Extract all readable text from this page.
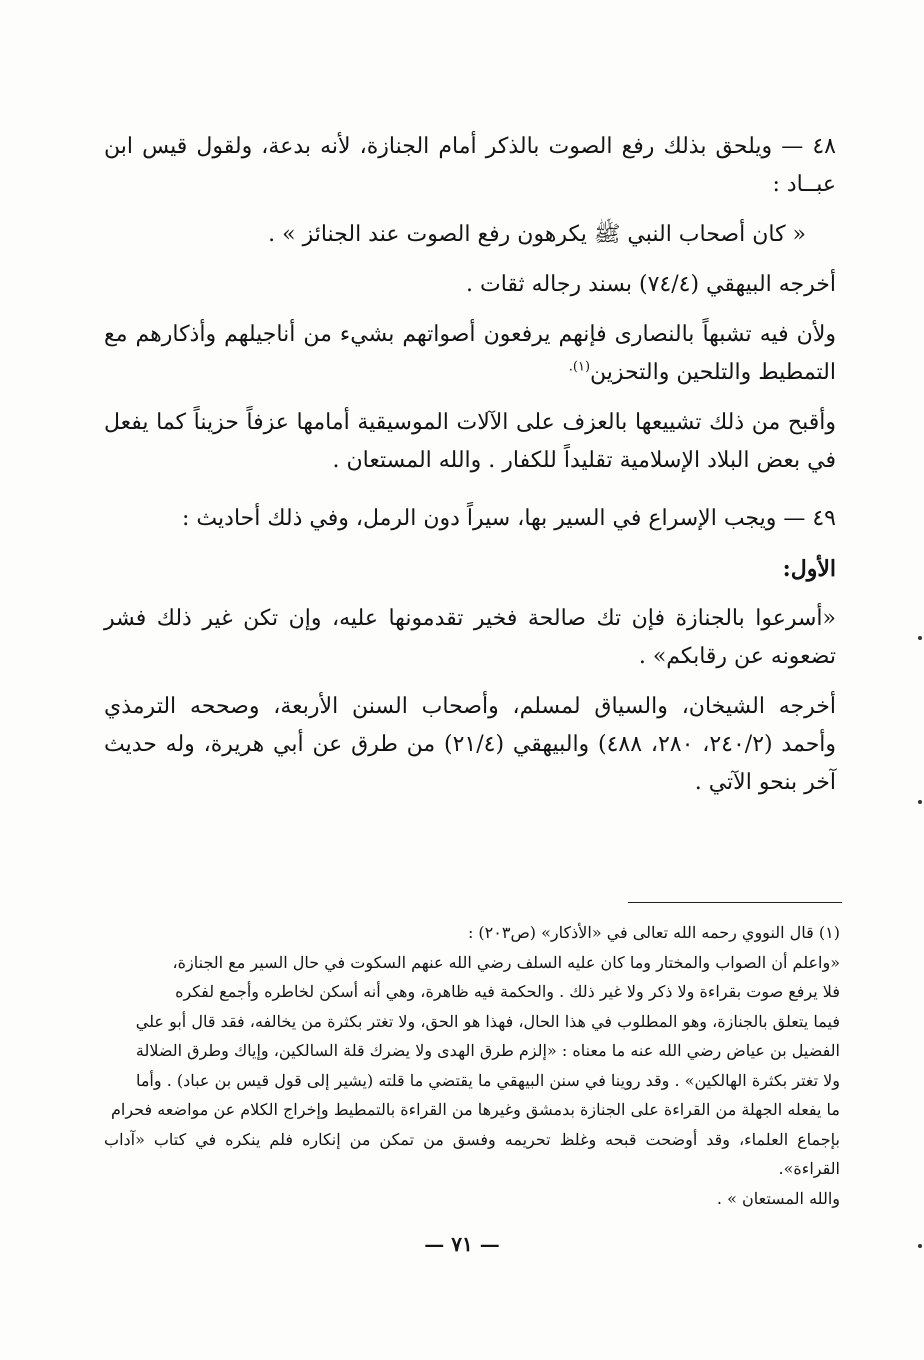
٤٨ — ويلحق بذلك رفع الصوت بالذكر أمام الجنازة، لأنه بدعة، ولقول قيس ابن عبــاد :

« كان أصحاب النبي ﷺ يكرهون رفع الصوت عند الجنائز » .

أخرجه البيهقي (٧٤/٤) بسند رجاله ثقات .

ولأن فيه تشبهاً بالنصارى فإنهم يرفعون أصواتهم بشيء من أناجيلهم وأذكارهم مع التمطيط والتلحين والتحزين$^{(١).}$

وأقبح من ذلك تشييعها بالعزف على الآلات الموسيقية أمامها عزفاً حزيناً كما يفعل في بعض البلاد الإسلامية تقليداً للكفار . والله المستعان .

٤٩ — ويجب الإسراع في السير بها، سيراً دون الرمل، وفي ذلك أحاديث :

الأول:

«أسرعوا بالجنازة فإن تك صالحة فخير تقدمونها عليه، وإن تكن غير ذلك فشر تضعونه عن رقابكم» .

أخرجه الشيخان، والسياق لمسلم، وأصحاب السنن الأربعة، وصححه الترمذي وأحمد (٢٤٠/٢، ٢٨٠، ٤٨٨) والبيهقي (٢١/٤) من طرق عن أبي هريرة، وله حديث آخر بنحو الآتي .

(١) قال النووي رحمه الله تعالى في «الأذكار» (ص٢٠٣) :

«واعلم أن الصواب والمختار وما كان عليه السلف رضي الله عنهم السكوت في حال السير مع الجنازة،

فلا يرفع صوت بقراءة ولا ذكر ولا غير ذلك . والحكمة فيه ظاهرة، وهي أنه أسكن لخاطره وأجمع لفكره

فيما يتعلق بالجنازة، وهو المطلوب في هذا الحال، فهذا هو الحق، ولا تغتر بكثرة من يخالفه، فقد قال أبو علي

الفضيل بن عياض رضي الله عنه ما معناه : «إلزم طرق الهدى ولا يضرك قلة السالكين، وإياك وطرق الضلالة

ولا تغتر بكثرة الهالكين» . وقد روينا في سنن البيهقي ما يقتضي ما قلته (يشير إلى قول قيس بن عباد) . وأما

ما يفعله الجهلة من القراءة على الجنازة بدمشق وغيرها من القراءة بالتمطيط وإخراج الكلام عن مواضعه فحرام

بإجماع العلماء، وقد أوضحت قبحه وغلظ تحريمه وفسق من تمكن من إنكاره فلم ينكره في كتاب «آداب القراءة».

والله المستعان » .

— ٧١ —
